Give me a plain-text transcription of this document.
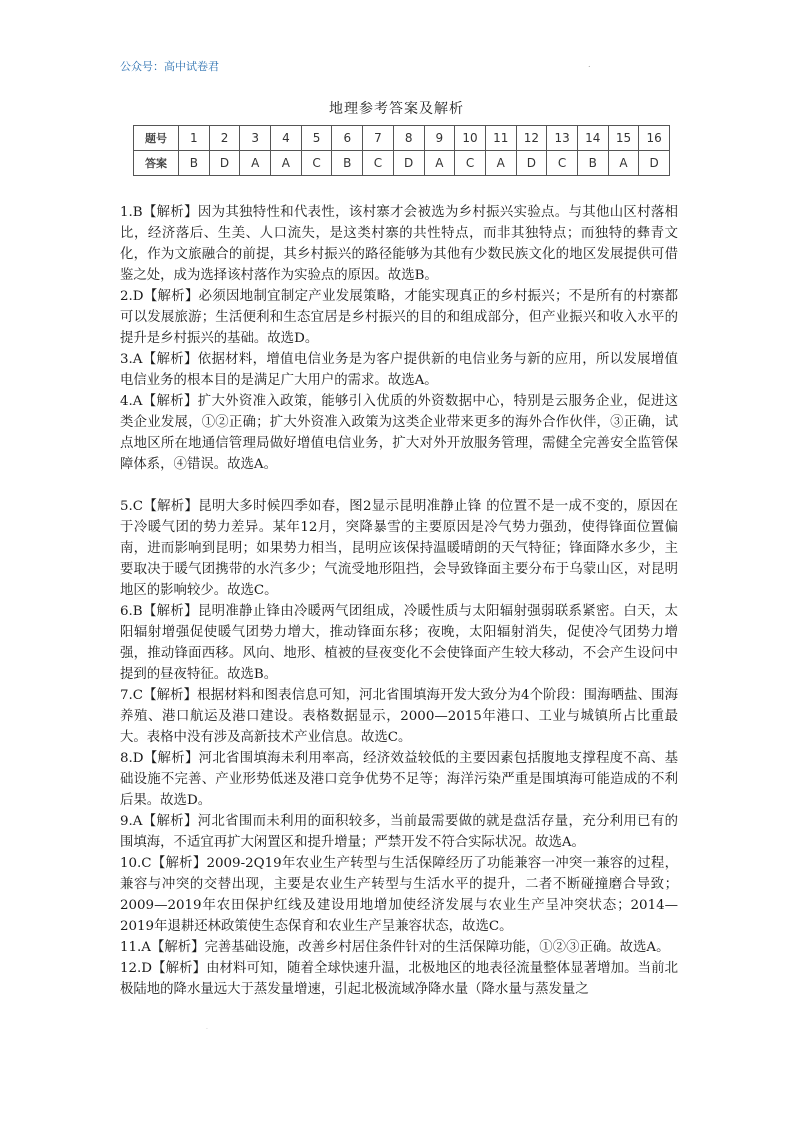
公众号：高中试卷君	.
地理参考答案及解析
题号	1	2	3	4	5	6	7	8	9	10	11	12	13	14	15	16
答案	B	D	A	A	C	B	C	D	A	C	A	D	C	B	A	D

1.B【解析】因为其独特性和代表性，该村寨才会被选为乡村振兴实验点。与其他山区村落相比，经济落后、生美、人口流失，是这类村寨的共性特点，而非其独特点；而独特的彝青文化，作为文旅融合的前提，其乡村振兴的路径能够为其他有少数民族文化的地区发展提供可借鉴之处，成为选择该村落作为实验点的原因。故选B。

2.D【解析】必须因地制宜制定产业发展策略，才能实现真正的乡村振兴；不是所有的村寨都可以发展旅游；生活便利和生态宜居是乡村振兴的目的和组成部分，但产业振兴和收入水平的提升是乡村振兴的基础。故选D。

3.A【解析】依据材料，增值电信业务是为客户提供新的电信业务与新的应用，所以发展增值电信业务的根本目的是满足广大用户的需求。故选A。

4.A【解析】扩大外资准入政策，能够引入优质的外资数据中心，特别是云服务企业，促进这类企业发展，①②正确；扩大外资准入政策为这类企业带来更多的海外合作伙伴，③正确，试点地区所在地通信管理局做好增值电信业务，扩大对外开放服务管理，需健全完善安全监管保障体系，④错误。故选A。

5.C【解析】昆明大多时候四季如春，图2显示昆明准静止锋 的位置不是一成不变的，原因在于冷暖气团的势力差异。某年12月，突降暴雪的主要原因是冷气势力强劲，使得锋面位置偏南，进而影响到昆明；如果势力相当，昆明应该保持温暖晴朗的天气特征；锋面降水多少，主要取决于暖气团携带的水汽多少；气流受地形阻挡，会导致锋面主要分布于乌蒙山区，对昆明地区的影响较少。故选C。

6.B【解析】昆明准静止锋由冷暖两气团组成，冷暖性质与太阳辐射强弱联系紧密。白天，太阳辐射增强促使暖气团势力增大，推动锋面东移；夜晚，太阳辐射消失，促使冷气团势力增强，推动锋面西移。风向、地形、植被的昼夜变化不会使锋面产生较大移动，不会产生设问中提到的昼夜特征。故选B。

7.C【解析】根据材料和图表信息可知，河北省围填海开发大致分为4个阶段：围海晒盐、围海养殖、港口航运及港口建设。表格数据显示，2000—2015年港口、工业与城镇所占比重最大。表格中没有涉及高新技术产业信息。故选C。

8.D【解析】河北省围填海未利用率高，经济效益较低的主要因素包括腹地支撑程度不高、基础设施不完善、产业形势低迷及港口竞争优势不足等；海洋污染严重是围填海可能造成的不利后果。故选D。

9.A【解析】河北省围而未利用的面积较多，当前最需要做的就是盘活存量，充分利用已有的围填海，不适宜再扩大闲置区和提升增量；严禁开发不符合实际状况。故选A。

10.C【解析】2009-2Q19年农业生产转型与生活保障经历了功能兼容一冲突一兼容的过程，兼容与冲突的交替出现，主要是农业生产转型与生活水平的提升，二者不断碰撞磨合导致；2009—2019年农田保护红线及建设用地增加使经济发展与农业生产呈冲突状态；2014—2019年退耕还林政策使生态保育和农业生产呈兼容状态，故选C。

11.A【解析】完善基础设施，改善乡村居住条件针对的生活保障功能，①②③正确。故选A。

12.D【解析】由材料可知，随着全球快速升温，北极地区的地表径流量整体显著增加。当前北极陆地的降水量远大于蒸发量增速，引起北极流域净降水量（降水量与蒸发量之

·
